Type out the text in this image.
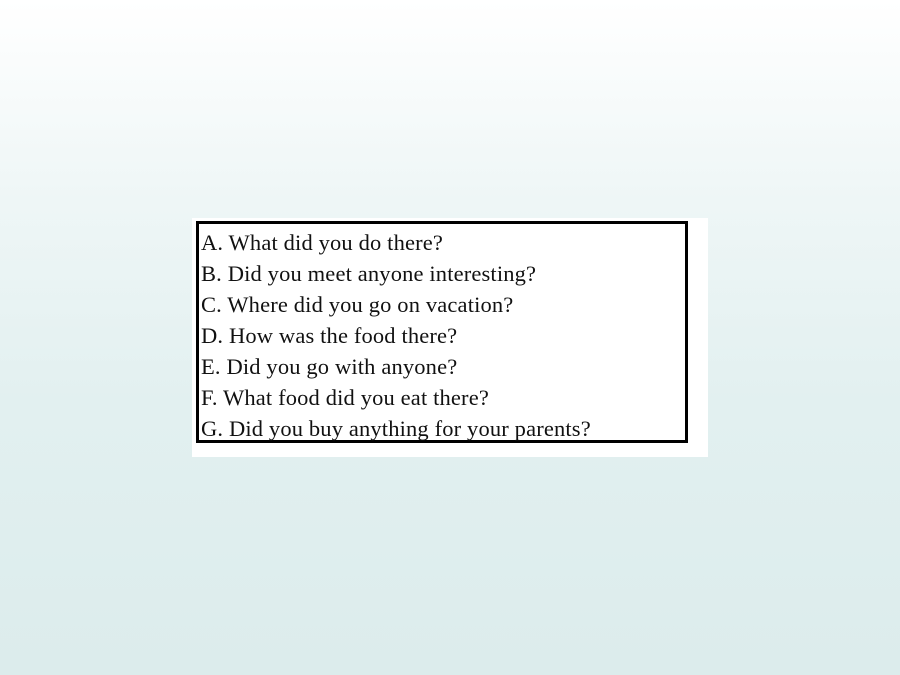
A. What did you do there?
B. Did you meet anyone interesting?
C. Where did you go on vacation?
D. How was the food there?
E. Did you go with anyone?
F. What food did you eat there?
G. Did you buy anything for your parents?
